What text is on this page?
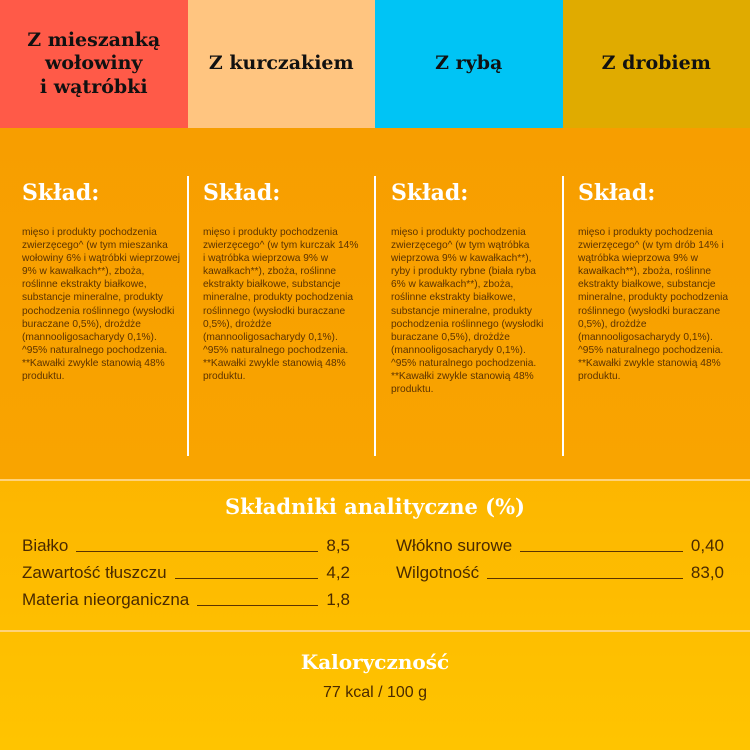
Z mieszanką
wołowiny
i wątróbki
Z kurczakiem	Z rybą	Z drobiem
Skład:
mięso i produkty pochodzenia zwierzęcego^ (w tym mieszanka wołowiny 6% i wątróbki wieprzowej 9% w kawałkach**), zboża, roślinne ekstrakty białkowe, substancje mineralne, produkty pochodzenia roślinnego (wysłodki buraczane 0,5%), drożdże (mannooligosacharydy 0,1%). ^95% naturalnego pochodzenia. **Kawałki zwykle stanowią 48% produktu.
Skład:
mięso i produkty pochodzenia zwierzęcego^ (w tym kurczak 14% i wątróbka wieprzowa 9% w kawałkach**), zboża, roślinne ekstrakty białkowe, substancje mineralne, produkty pochodzenia roślinnego (wysłodki buraczane 0,5%), drożdże (mannooligosacharydy 0,1%). ^95% naturalnego pochodzenia. **Kawałki zwykle stanowią 48% produktu.
Skład:
mięso i produkty pochodzenia zwierzęcego^ (w tym wątróbka wieprzowa 9% w kawałkach**), ryby i produkty rybne (biała ryba 6% w kawałkach**), zboża, roślinne ekstrakty białkowe, substancje mineralne, produkty pochodzenia roślinnego (wysłodki buraczane 0,5%), drożdże (mannooligosacharydy 0,1%). ^95% naturalnego pochodzenia. **Kawałki zwykle stanowią 48% produktu.
Skład:
mięso i produkty pochodzenia zwierzęcego^ (w tym drób 14% i wątróbka wieprzowa 9% w kawałkach**), zboża, roślinne ekstrakty białkowe, substancje mineralne, produkty pochodzenia roślinnego (wysłodki buraczane 0,5%), drożdże (mannooligosacharydy 0,1%). ^95% naturalnego pochodzenia. **Kawałki zwykle stanowią 48% produktu.
Składniki analityczne (%)
Białko	8,5
Zawartość tłuszczu	4,2
Materia nieorganiczna	1,8
Włókno surowe	0,40
Wilgotność	83,0
Kaloryczność
77 kcal / 100 g
